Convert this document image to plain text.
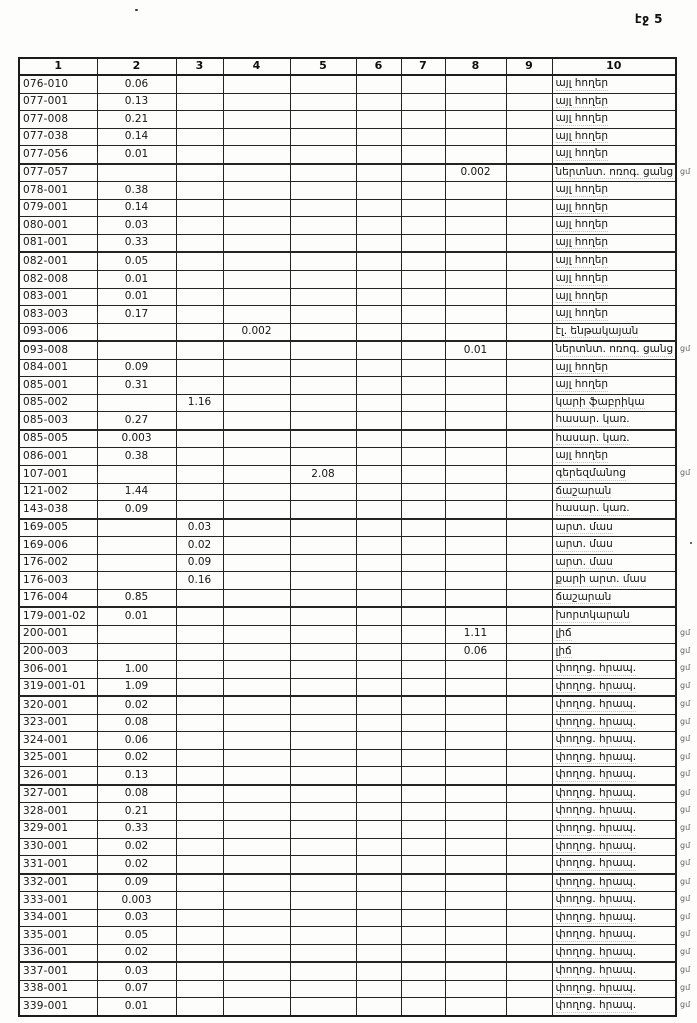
էջ 5
1	2	3	4	5	6	7	8	9	10
076-010	0.06								այլ հողեր
077-001	0.13								այլ հողեր
077-008	0.21								այլ հողեր
077-038	0.14								այլ հողեր
077-056	0.01								այլ հողեր
077-057							0.002		ներտնտ. ոռոգ. ցանց ցմ

078-001	0.38								այլ հողեր
079-001	0.14								այլ հողեր
080-001	0.03								այլ հողեր
081-001	0.33								այլ հողեր
082-001	0.05								այլ հողեր
082-008	0.01								այլ հողեր
083-001	0.01								այլ հողեր
083-003	0.17								այլ հողեր
093-006			0.002						էլ. ենթակայան
093-008							0.01		ներտնտ. ոռոգ. ցանց ցմ

084-001	0.09								այլ հողեր
085-001	0.31								այլ հողեր
085-002		1.16							կարի ֆաբրիկա
085-003	0.27								հասար. կառ.
085-005	0.003								հասար. կառ.
086-001	0.38								այլ հողեր
107-001				2.08					գերեզմանոց ցմ

121-002	1.44								ճաշարան
143-038	0.09								հասար. կառ.
169-005		0.03							արտ. մաս
169-006		0.02							արտ. մաս
176-002		0.09							արտ. մաս
176-003		0.16							քարի արտ. մաս
176-004	0.85								ճաշարան
179-001-02	0.01								խորտկարան
200-001							1.11		լիճ ցմ

200-003							0.06		լիճ ցմ

306-001	1.00								փողոց. հրապ. ցմ

319-001-01	1.09								փողոց. հրապ. ցմ

320-001	0.02								փողոց. հրապ. ցմ

323-001	0.08								փողոց. հրապ. ցմ

324-001	0.06								փողոց. հրապ. ցմ

325-001	0.02								փողոց. հրապ. ցմ

326-001	0.13								փողոց. հրապ. ցմ

327-001	0.08								փողոց. հրապ. ցմ

328-001	0.21								փողոց. հրապ. ցմ

329-001	0.33								փողոց. հրապ. ցմ

330-001	0.02								փողոց. հրապ. ցմ

331-001	0.02								փողոց. հրապ. ցմ

332-001	0.09								փողոց. հրապ. ցմ

333-001	0.003								փողոց. հրապ. ցմ

334-001	0.03								փողոց. հրապ. ցմ

335-001	0.05								փողոց. հրապ. ցմ

336-001	0.02								փողոց. հրապ. ցմ

337-001	0.03								փողոց. հրապ. ցմ

338-001	0.07								փողոց. հրապ. ցմ

339-001	0.01								փողոց. հրապ. ցմ
